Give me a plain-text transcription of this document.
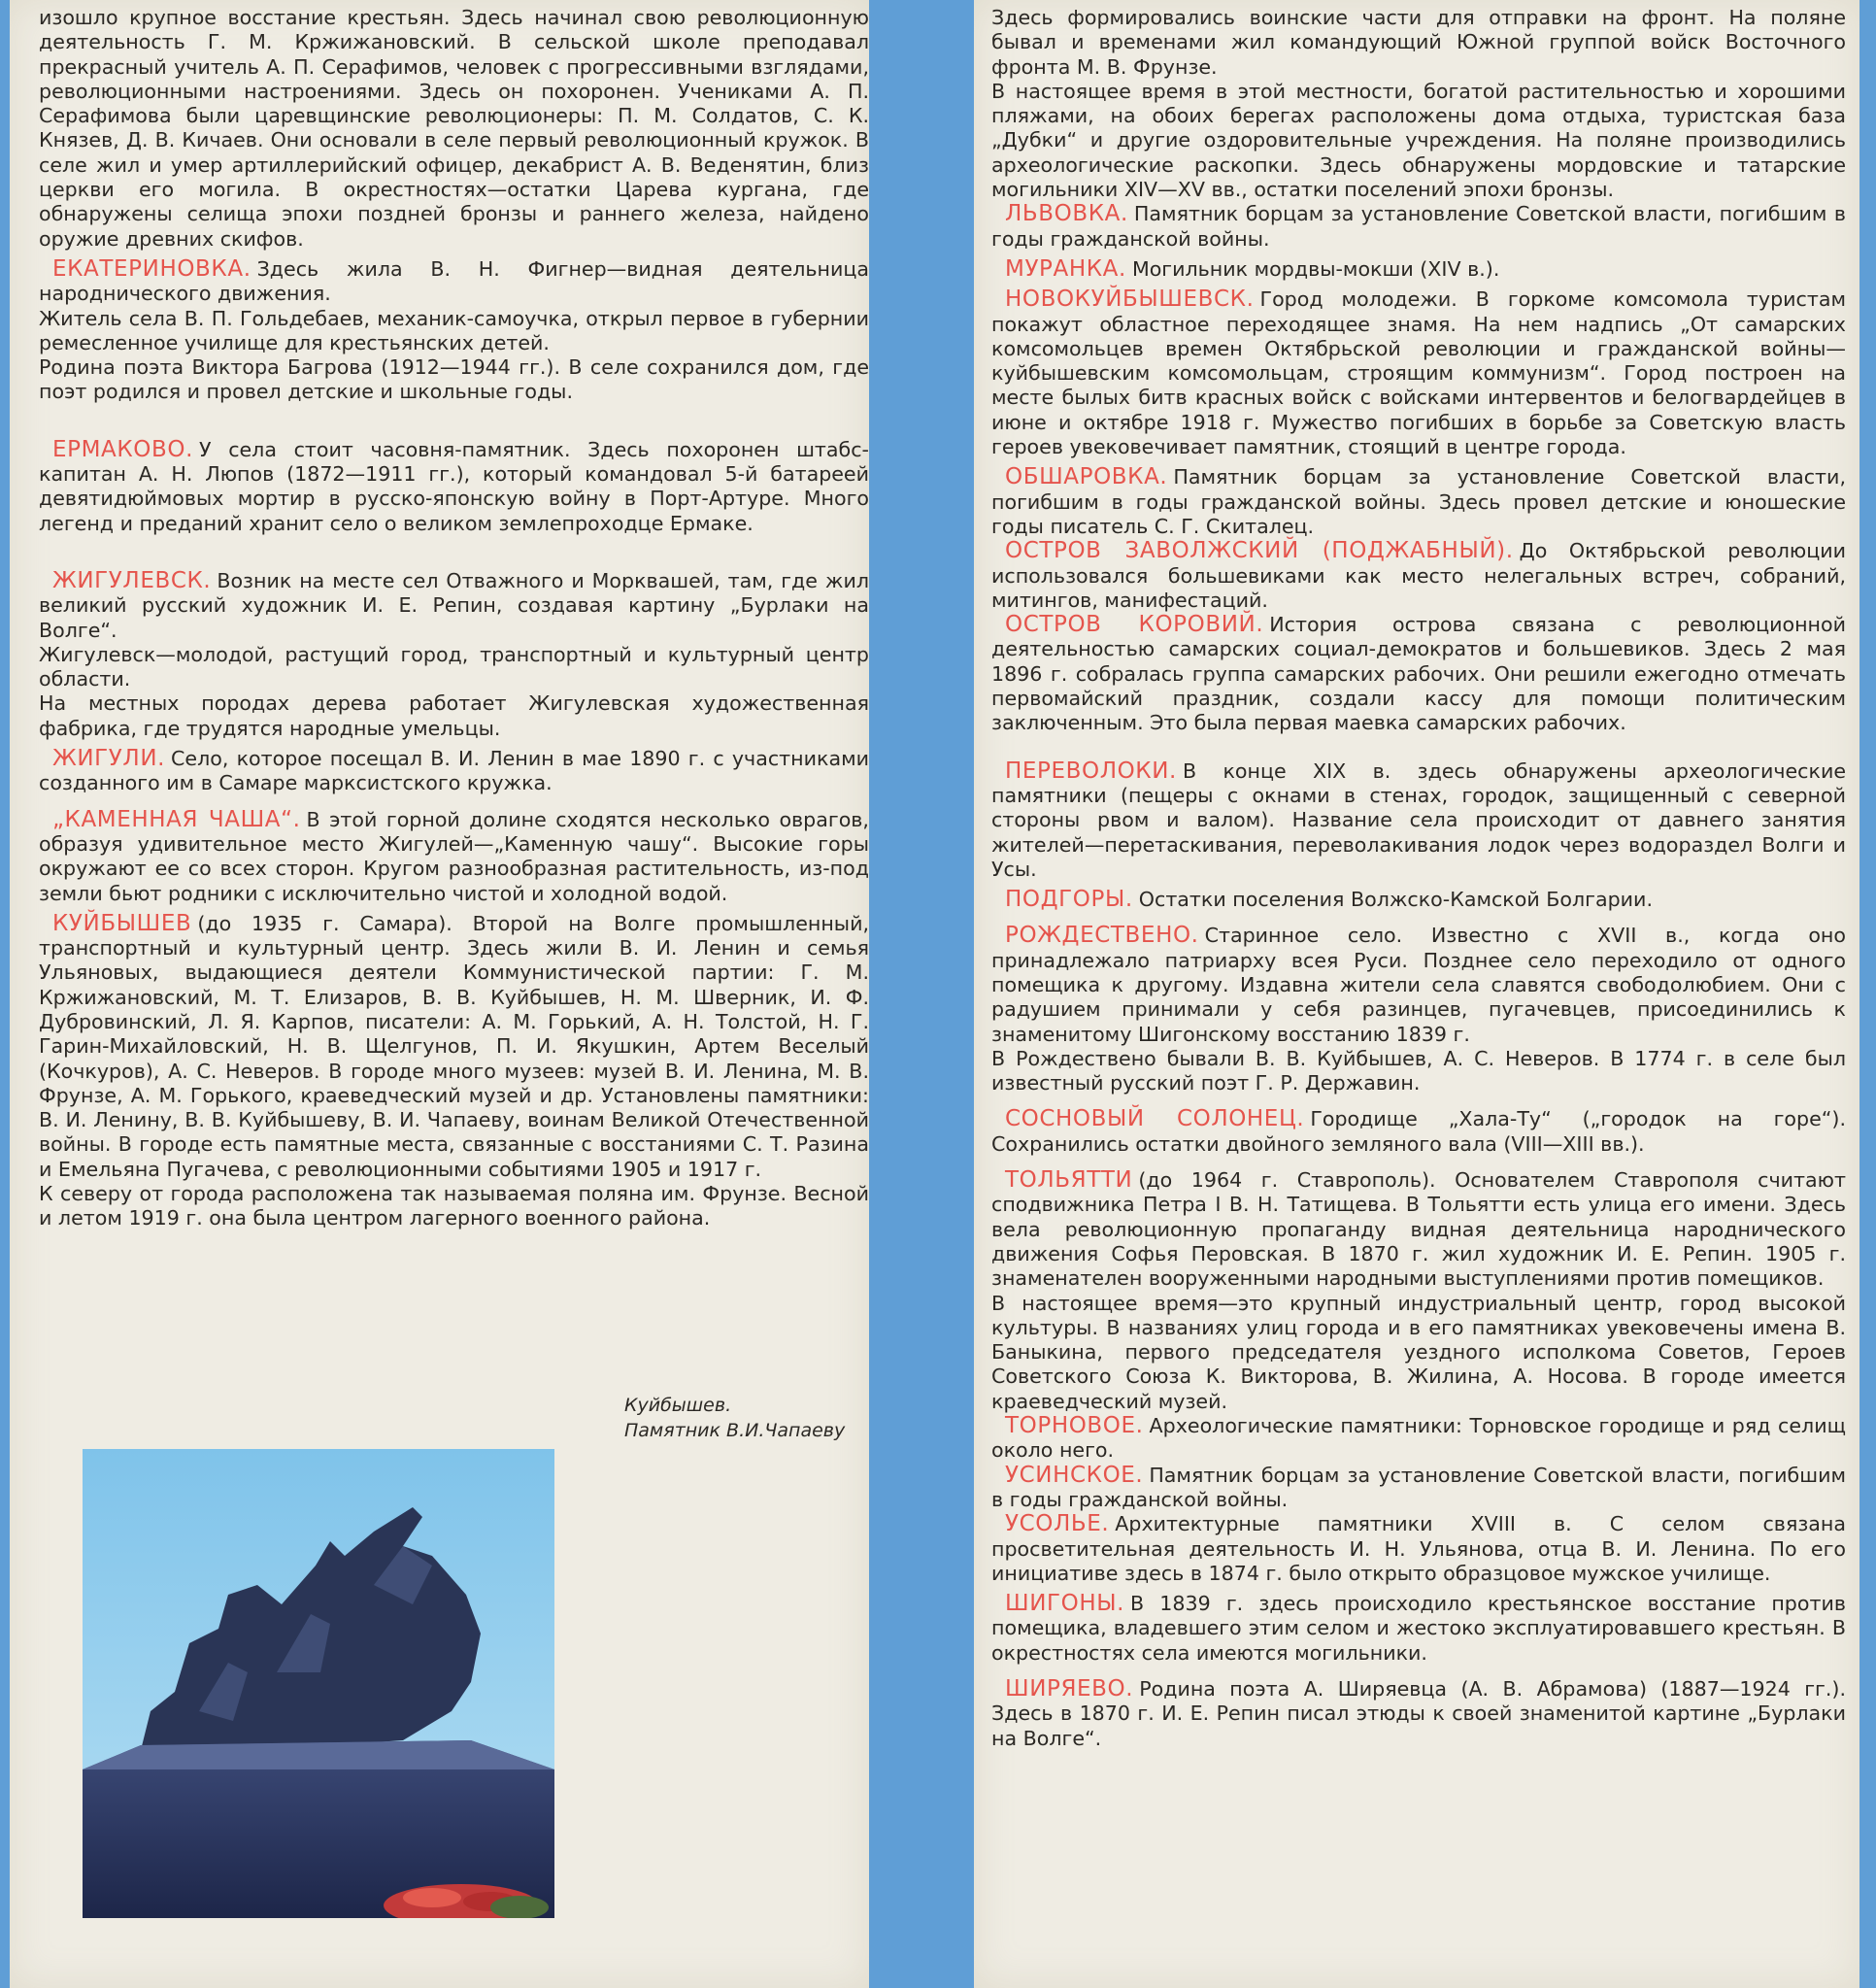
изошло крупное восстание крестьян. Здесь начинал свою революционную деятельность Г. М. Кржижановский. В сельской школе преподавал прекрасный учитель А. П. Серафимов, человек с прогрессивными взглядами, революционными настроениями. Здесь он похоронен. Учениками А. П. Серафимова были царевщинские революционеры: П. М. Солдатов, С. К. Князев, Д. В. Кичаев. Они основали в селе первый революционный кружок. В селе жил и умер артиллерийский офицер, декабрист А. В. Веденятин, близ церкви его могила. В окрестностях—остатки Царева кургана, где обнаружены селища эпохи поздней бронзы и раннего железа, найдено оружие древних скифов.

ЕКАТЕРИНОВКА. Здесь жила В. Н. Фигнер—видная деятельница народнического движения.

Житель села В. П. Гольдебаев, механик-самоучка, открыл первое в губернии ремесленное училище для крестьянских детей.

Родина поэта Виктора Багрова (1912—1944 гг.). В селе сохранился дом, где поэт родился и провел детские и школьные годы.

ЕРМАКОВО. У села стоит часовня-памятник. Здесь похоронен штабс-капитан А. Н. Люпов (1872—1911 гг.), который командовал 5-й батареей девятидюймовых мортир в русско-японскую войну в Порт-Артуре. Много легенд и преданий хранит село о великом землепроходце Ермаке.

ЖИГУЛЕВСК. Возник на месте сел Отважного и Морквашей, там, где жил великий русский художник И. Е. Репин, создавая картину „Бурлаки на Волге“.

Жигулевск—молодой, растущий город, транспортный и культурный центр области.

На местных породах дерева работает Жигулевская художественная фабрика, где трудятся народные умельцы.

ЖИГУЛИ. Село, которое посещал В. И. Ленин в мае 1890 г. с участниками созданного им в Самаре марксистского кружка.

„КАМЕННАЯ ЧАША“. В этой горной долине сходятся несколько оврагов, образуя удивительное место Жигулей—„Каменную чашу“. Высокие горы окружают ее со всех сторон. Кругом разнообразная растительность, из-под земли бьют родники с исключительно чистой и холодной водой.

КУЙБЫШЕВ (до 1935 г. Самара). Второй на Волге промышленный, транспортный и культурный центр. Здесь жили В. И. Ленин и семья Ульяновых, выдающиеся деятели Коммунистической партии: Г. М. Кржижановский, М. Т. Елизаров, В. В. Куйбышев, Н. М. Шверник, И. Ф. Дубровинский, Л. Я. Карпов, писатели: А. М. Горький, А. Н. Толстой, Н. Г. Гарин-Михайловский, Н. В. Щелгунов, П. И. Якушкин, Артем Веселый (Кочкуров), А. С. Неверов. В городе много музеев: музей В. И. Ленина, М. В. Фрунзе, А. М. Горького, краеведческий музей и др. Установлены памятники: В. И. Ленину, В. В. Куйбышеву, В. И. Чапаеву, воинам Великой Отечественной войны. В городе есть памятные места, связанные с восстаниями С. Т. Разина и Емельяна Пугачева, с революционными событиями 1905 и 1917 г.

К северу от города расположена так называемая поляна им. Фрунзе. Весной и летом 1919 г. она была центром лагерного военного района.

Куйбышев.
Памятник В.И.Чапаеву

Здесь формировались воинские части для отправки на фронт. На поляне бывал и временами жил командующий Южной группой войск Восточного фронта М. В. Фрунзе.

В настоящее время в этой местности, богатой растительностью и хорошими пляжами, на обоих берегах расположены дома отдыха, туристская база „Дубки“ и другие оздоровительные учреждения. На поляне производились археологические раскопки. Здесь обнаружены мордовские и татарские могильники XIV—XV вв., остатки поселений эпохи бронзы.

ЛЬВОВКА. Памятник борцам за установление Советской власти, погибшим в годы гражданской войны.

МУРАНКА. Могильник мордвы-мокши (XIV в.).

НОВОКУЙБЫШЕВСК. Город молодежи. В горкоме комсомола туристам покажут областное переходящее знамя. На нем надпись „От самарских комсомольцев времен Октябрьской революции и гражданской войны—куйбышевским комсомольцам, строящим коммунизм“. Город построен на месте былых битв красных войск с войсками интервентов и белогвардейцев в июне и октябре 1918 г. Мужество погибших в борьбе за Советскую власть героев увековечивает памятник, стоящий в центре города.

ОБШАРОВКА. Памятник борцам за установление Советской власти, погибшим в годы гражданской войны. Здесь провел детские и юношеские годы писатель С. Г. Скиталец.

ОСТРОВ ЗАВОЛЖСКИЙ (ПОДЖАБНЫЙ). До Октябрьской революции использовался большевиками как место нелегальных встреч, собраний, митингов, манифестаций.

ОСТРОВ КОРОВИЙ. История острова связана с революционной деятельностью самарских социал-демократов и большевиков. Здесь 2 мая 1896 г. собралась группа самарских рабочих. Они решили ежегодно отмечать первомайский праздник, создали кассу для помощи политическим заключенным. Это была первая маевка самарских рабочих.

ПЕРЕВОЛОКИ. В конце XIX в. здесь обнаружены археологические памятники (пещеры с окнами в стенах, городок, защищенный с северной стороны рвом и валом). Название села происходит от давнего занятия жителей—перетаскивания, переволакивания лодок через водораздел Волги и Усы.

ПОДГОРЫ. Остатки поселения Волжско-Камской Болгарии.

РОЖДЕСТВЕНО. Старинное село. Известно с XVII в., когда оно принадлежало патриарху всея Руси. Позднее село переходило от одного помещика к другому. Издавна жители села славятся свободолюбием. Они с радушием принимали у себя разинцев, пугачевцев, присоединились к знаменитому Шигонскому восстанию 1839 г.

В Рождествено бывали В. В. Куйбышев, А. С. Неверов. В 1774 г. в селе был известный русский поэт Г. Р. Державин.

СОСНОВЫЙ СОЛОНЕЦ. Городище „Хала-Ту“ („городок на горе“). Сохранились остатки двойного земляного вала (VIII—XIII вв.).

ТОЛЬЯТТИ (до 1964 г. Ставрополь). Основателем Ставрополя считают сподвижника Петра I В. Н. Татищева. В Тольятти есть улица его имени. Здесь вела революционную пропаганду видная деятельница народнического движения Софья Перовская. В 1870 г. жил художник И. Е. Репин. 1905 г. знаменателен вооруженными народными выступлениями против помещиков.

В настоящее время—это крупный индустриальный центр, город высокой культуры. В названиях улиц города и в его памятниках увековечены имена В. Баныкина, первого председателя уездного исполкома Советов, Героев Советского Союза К. Викторова, В. Жилина, А. Носова. В городе имеется краеведческий музей.

ТОРНОВОЕ. Археологические памятники: Торновское городище и ряд селищ около него.

УСИНСКОЕ. Памятник борцам за установление Советской власти, погибшим в годы гражданской войны.

УСОЛЬЕ. Архитектурные памятники XVIII в. С селом связана просветительная деятельность И. Н. Ульянова, отца В. И. Ленина. По его инициативе здесь в 1874 г. было открыто образцовое мужское училище.

ШИГОНЫ. В 1839 г. здесь происходило крестьянское восстание против помещика, владевшего этим селом и жестоко эксплуатировавшего крестьян. В окрестностях села имеются могильники.

ШИРЯЕВО. Родина поэта А. Ширяевца (А. В. Абрамова) (1887—1924 гг.). Здесь в 1870 г. И. Е. Репин писал этюды к своей знаменитой картине „Бурлаки на Волге“.
